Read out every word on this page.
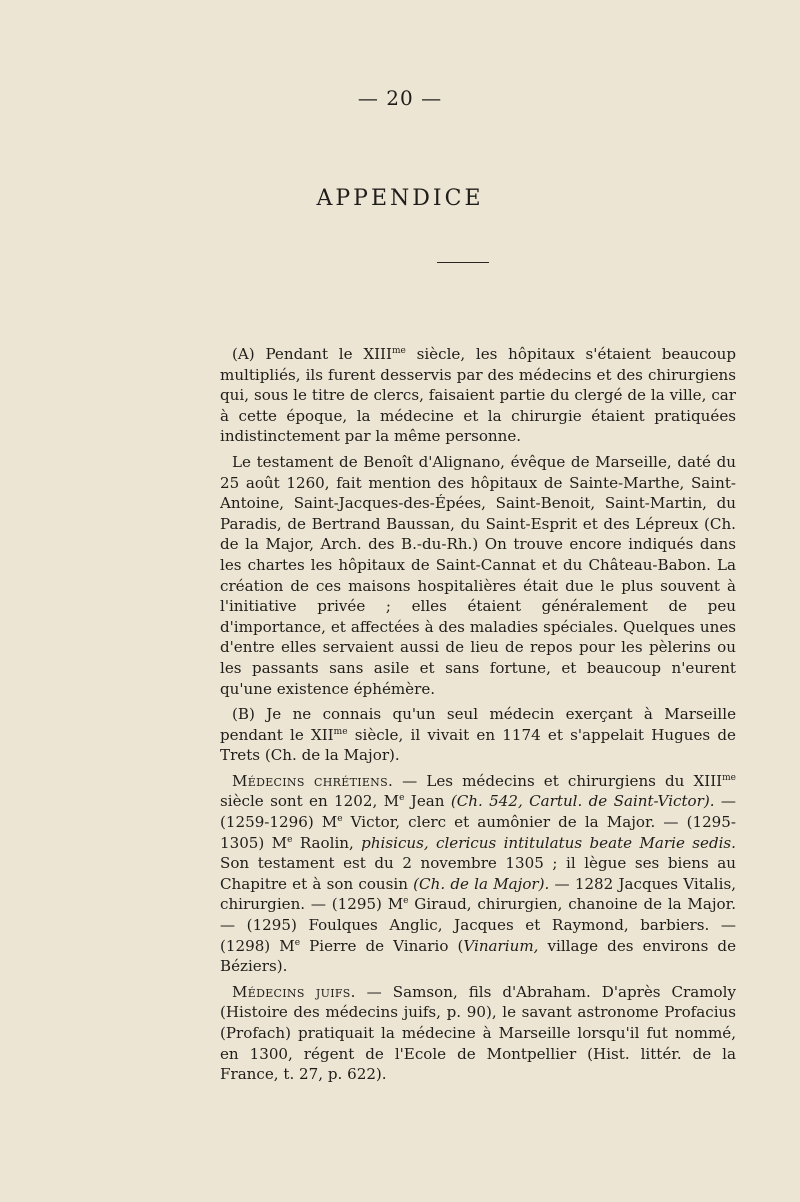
— 20 —
APPENDICE

(A) Pendant le $XIII^{me}$ siècle, les hôpitaux s'étaient beaucoup multipliés, ils furent desservis par des médecins et des chirurgiens qui, sous le titre de clercs, faisaient partie du clergé de la ville, car à cette époque, la médecine et la chirurgie étaient pratiquées indistinctement par la même personne.

Le testament de Benoît d'Alignano, évêque de Marseille, daté du 25 août 1260, fait mention des hôpitaux de Sainte-Marthe, Saint-Antoine, Saint-Jacques-des-Épées, Saint-Benoit, Saint-Martin, du Paradis, de Bertrand Baussan, du Saint-Esprit et des Lépreux (Ch. de la Major, Arch. des B.-du-Rh.) On trouve encore indiqués dans les chartes les hôpitaux de Saint-Cannat et du Château-Babon. La création de ces maisons hospitalières était due le plus souvent à l'initiative privée ; elles étaient généralement de peu d'importance, et affectées à des maladies spéciales. Quelques unes d'entre elles servaient aussi de lieu de repos pour les pèlerins ou les passants sans asile et sans fortune, et beaucoup n'eurent qu'une existence éphémère.

(B) Je ne connais qu'un seul médecin exerçant à Marseille pendant le $XII^{me}$ siècle, il vivait en 1174 et s'appelait Hugues de Trets (Ch. de la Major).

Médecins chrétiens. — Les médecins et chirurgiens du $XIII^{me}$ siècle sont en 1202, Me Jean (Ch. 542, Cartul. de Saint-Victor). — (1259-1296) Me Victor, clerc et aumônier de la Major. — (1295-1305) Me Raolin, phisicus, clericus intitulatus beate Marie sedis. Son testament est du 2 novembre 1305 ; il lègue ses biens au Chapitre et à son cousin (Ch. de la Major). — 1282 Jacques Vitalis, chirurgien. — (1295) Me Giraud, chirurgien, chanoine de la Major. — (1295) Foulques Anglic, Jacques et Raymond, barbiers. — (1298) Me Pierre de Vinario (Vinarium, village des environs de Béziers).

Médecins juifs. — Samson, fils d'Abraham. D'après Cramoly (Histoire des médecins juifs, p. 90), le savant astronome Profacius (Profach) pratiquait la médecine à Marseille lorsqu'il fut nommé, en 1300, régent de l'Ecole de Montpellier (Hist. littér. de la France, t. 27, p. 622).
